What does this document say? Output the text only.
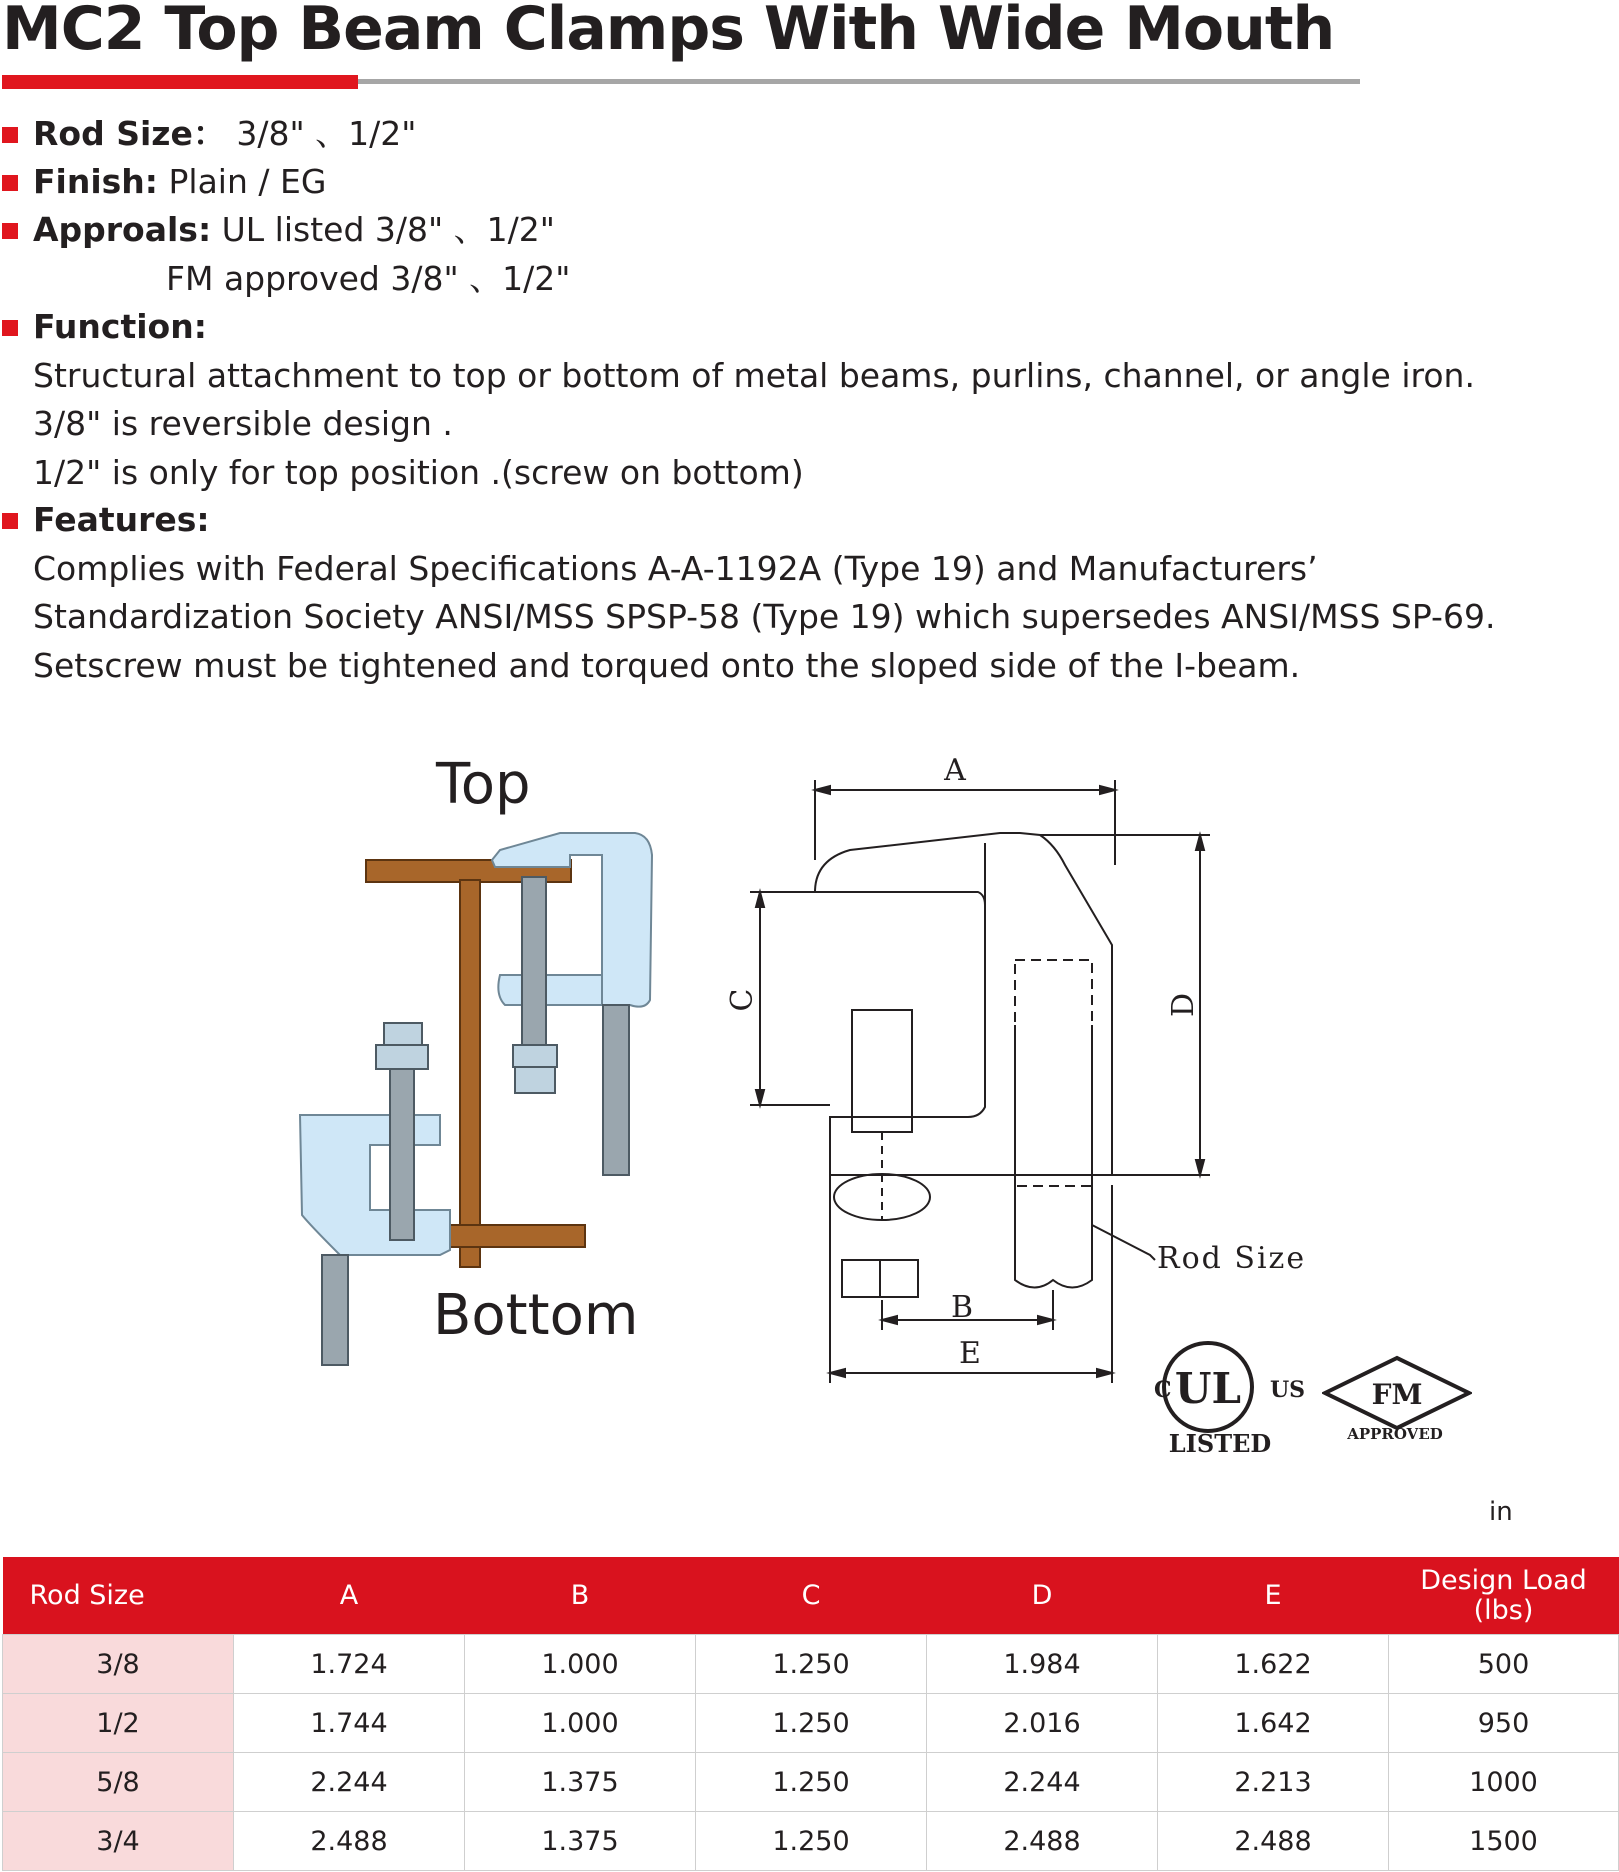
MC2 Top Beam Clamps With Wide Mouth
Rod Size： 3/8" 、1/2"
Finish: Plain / EG
Approals: UL listed 3/8" 、1/2"
FM approved 3/8" 、1/2"
Function:
Structural attachment to top or bottom of metal beams, purlins, channel, or angle iron.
3/8" is reversible design .
1/2" is only for top position .(screw on bottom)
Features:
Complies with Federal Specifications A-A-1192A (Type 19) and Manufacturers’
Standardization Society ANSI/MSS SPSP-58 (Type 19) which supersedes ANSI/MSS SP-69.
Setscrew must be tightened and torqued onto the sloped side of the I-beam.
Top
Bottom
A
B
E
C	D
Rod Size
UL
C	US
LISTED
FM
APPROVED
in
Rod Size	A	B	C	D	E	Design Load
(lbs)

3/8	1.724	1.000	1.250	1.984	1.622	500
1/2	1.744	1.000	1.250	2.016	1.642	950
5/8	2.244	1.375	1.250	2.244	2.213	1000
3/4	2.488	1.375	1.250	2.488	2.488	1500
